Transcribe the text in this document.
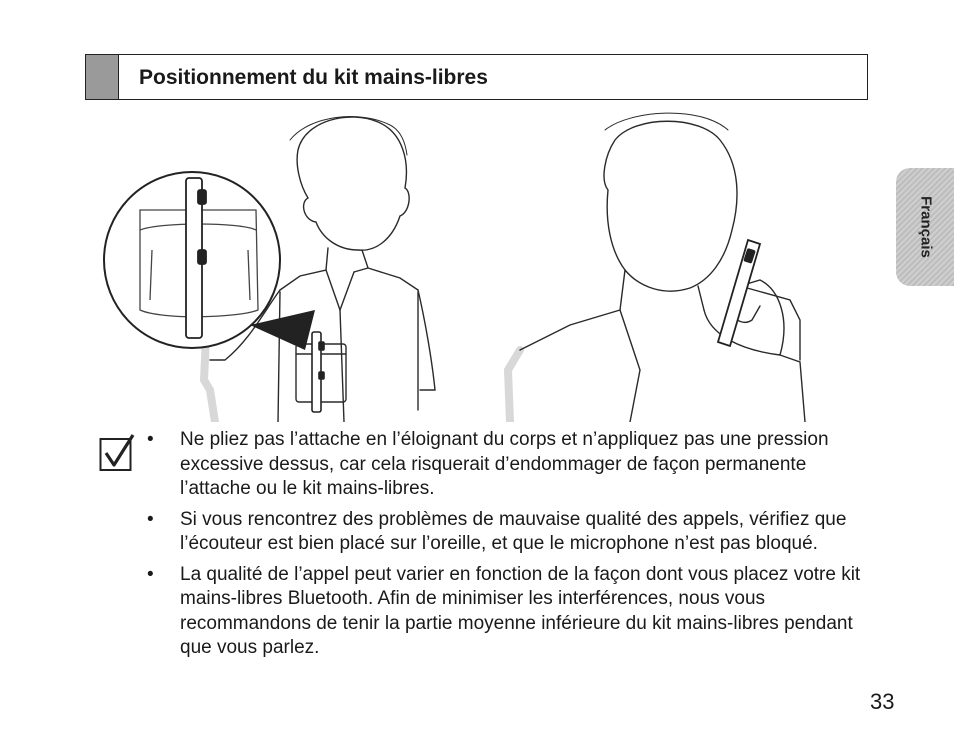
Positionnement du kit mains-libres
Français
• Ne pliez pas l’attache en l’éloignant du corps et n’appliquez pas une pression excessive dessus, car cela risquerait d’endommager de façon permanente l’attache ou le kit mains-libres.
• Si vous rencontrez des problèmes de mauvaise qualité des appels, vérifiez que l’écouteur est bien placé sur l’oreille, et que le microphone n’est pas bloqué.
• La qualité de l’appel peut varier en fonction de la façon dont vous placez votre kit mains-libres Bluetooth. Afin de minimiser les interférences, nous vous recommandons de tenir la partie moyenne inférieure du kit mains-libres pendant que vous parlez.
33
